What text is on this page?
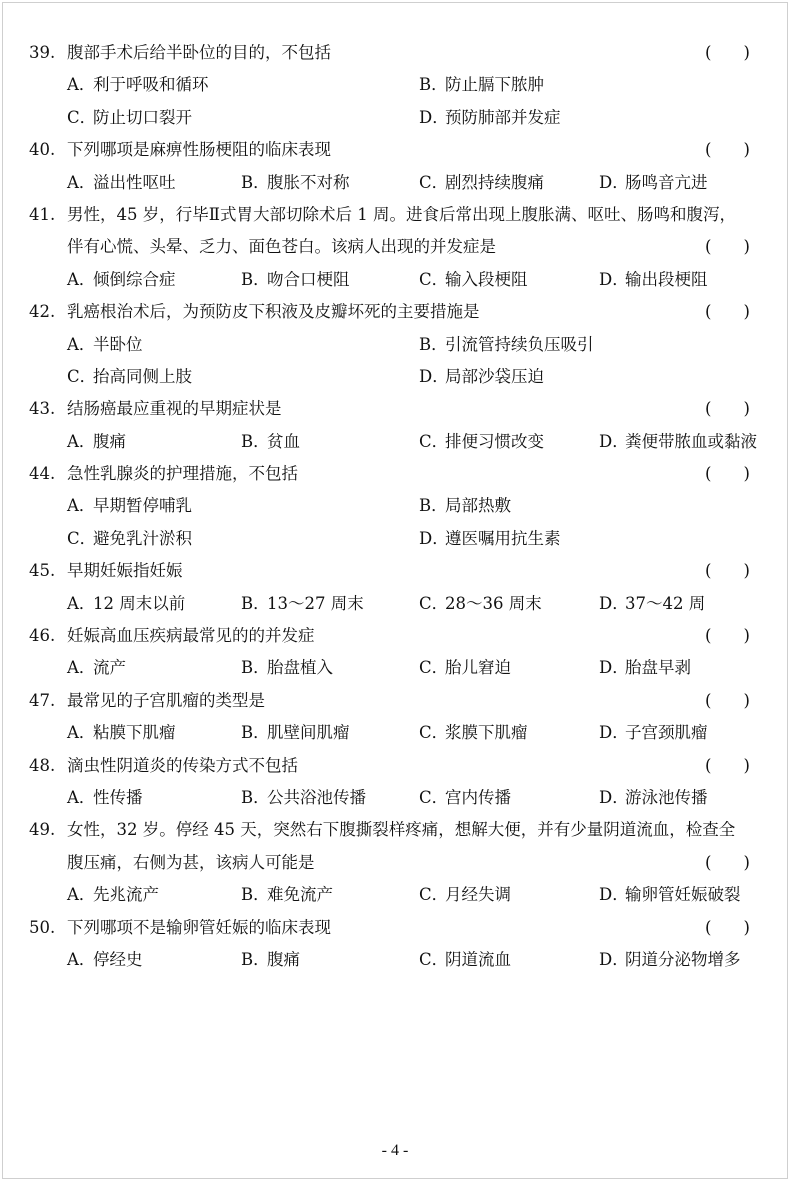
39. 腹部手术后给半卧位的目的，不包括	( )
A．利于呼吸和循环	B．防止膈下脓肿
C．防止切口裂开	D．预防肺部并发症
40. 下列哪项是麻痹性肠梗阻的临床表现	( )
A．溢出性呕吐	B．腹胀不对称	C．剧烈持续腹痛	D．肠鸣音亢进
41. 男性，45 岁，行毕Ⅱ式胃大部切除术后 1 周。进食后常出现上腹胀满、呕吐、肠鸣和腹泻，
伴有心慌、头晕、乏力、面色苍白。该病人出现的并发症是	( )
A．倾倒综合症	B．吻合口梗阻	C．输入段梗阻	D．输出段梗阻
42. 乳癌根治术后，为预防皮下积液及皮瓣坏死的主要措施是	( )
A．半卧位	B．引流管持续负压吸引
C．抬高同侧上肢	D．局部沙袋压迫
43. 结肠癌最应重视的早期症状是	( )
A．腹痛	B．贫血	C．排便习惯改变	D．粪便带脓血或黏液
44. 急性乳腺炎的护理措施，不包括	( )
A．早期暂停哺乳	B．局部热敷
C．避免乳汁淤积	D．遵医嘱用抗生素
45. 早期妊娠指妊娠	( )
A．12 周末以前	B．13～27 周末	C．28～36 周末	D．37～42 周
46. 妊娠高血压疾病最常见的的并发症	( )
A．流产	B．胎盘植入	C．胎儿窘迫	D．胎盘早剥
47. 最常见的子宫肌瘤的类型是	( )
A．粘膜下肌瘤	B．肌壁间肌瘤	C．浆膜下肌瘤	D．子宫颈肌瘤
48. 滴虫性阴道炎的传染方式不包括	( )
A．性传播	B．公共浴池传播	C．宫内传播	D．游泳池传播
49. 女性，32 岁。停经 45 天，突然右下腹撕裂样疼痛，想解大便，并有少量阴道流血，检查全
腹压痛，右侧为甚，该病人可能是	( )
A．先兆流产	B．难免流产	C．月经失调	D．输卵管妊娠破裂
50. 下列哪项不是输卵管妊娠的临床表现	( )
A．停经史	B．腹痛	C．阴道流血	D．阴道分泌物增多
- 4 -
